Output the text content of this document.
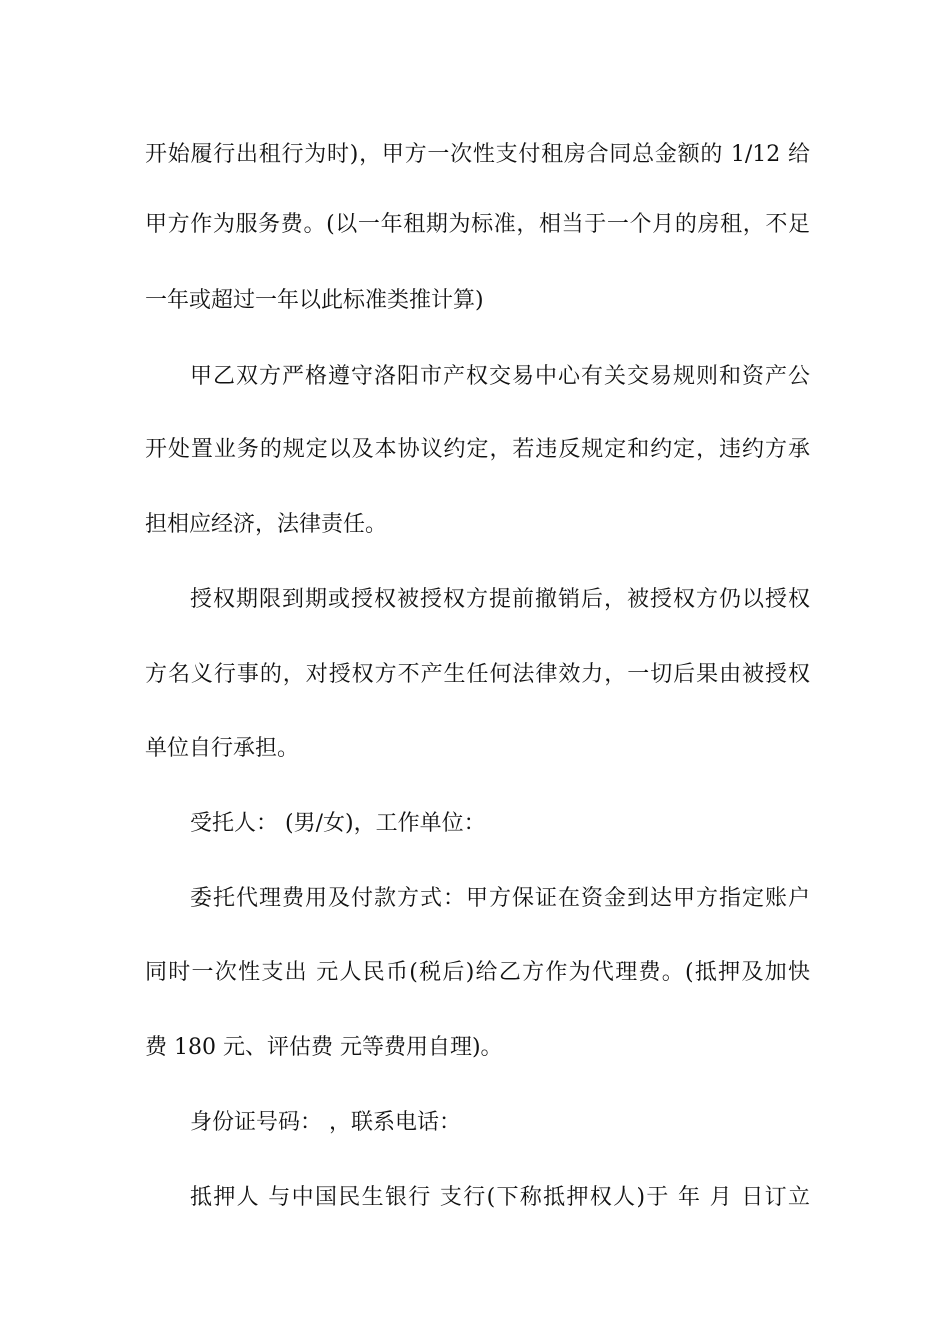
开始履行出租行为时)，甲方一次性支付租房合同总金额的 1/12 给
甲方作为服务费。(以一年租期为标准，相当于一个月的房租，不足
一年或超过一年以此标准类推计算)
甲乙双方严格遵守洛阳市产权交易中心有关交易规则和资产公
开处置业务的规定以及本协议约定，若违反规定和约定，违约方承
担相应经济，法律责任。
授权期限到期或授权被授权方提前撤销后，被授权方仍以授权
方名义行事的，对授权方不产生任何法律效力，一切后果由被授权
单位自行承担。
受托人： (男/女)，工作单位：
委托代理费用及付款方式：甲方保证在资金到达甲方指定账户
同时一次性支出 元人民币(税后)给乙方作为代理费。(抵押及加快
费 180 元、评估费 元等费用自理)。
身份证号码： ，联系电话：
抵押人 与中国民生银行 支行(下称抵押权人)于 年 月 日订立
